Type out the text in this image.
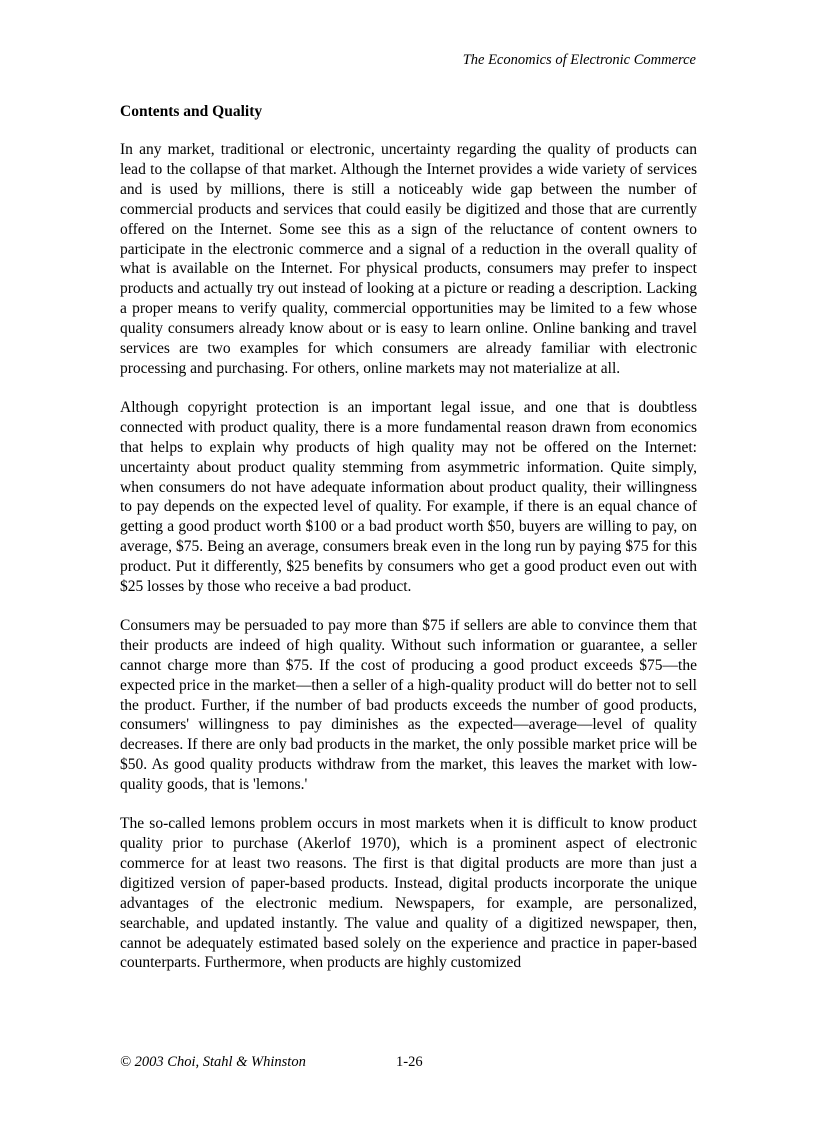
The Economics of Electronic Commerce
Contents and Quality

In any market, traditional or electronic, uncertainty regarding the quality of products can lead to the collapse of that market. Although the Internet provides a wide variety of services and is used by millions, there is still a noticeably wide gap between the number of commercial products and services that could easily be digitized and those that are currently offered on the Internet. Some see this as a sign of the reluctance of content owners to participate in the electronic commerce and a signal of a reduction in the overall quality of what is available on the Internet. For physical products, consumers may prefer to inspect products and actually try out instead of looking at a picture or reading a description. Lacking a proper means to verify quality, commercial opportunities may be limited to a few whose quality consumers already know about or is easy to learn online. Online banking and travel services are two examples for which consumers are already familiar with electronic processing and purchasing. For others, online markets may not materialize at all.

Although copyright protection is an important legal issue, and one that is doubtless connected with product quality, there is a more fundamental reason drawn from economics that helps to explain why products of high quality may not be offered on the Internet: uncertainty about product quality stemming from asymmetric information. Quite simply, when consumers do not have adequate information about product quality, their willingness to pay depends on the expected level of quality. For example, if there is an equal chance of getting a good product worth $100 or a bad product worth $50, buyers are willing to pay, on average, $75. Being an average, consumers break even in the long run by paying $75 for this product. Put it differently, $25 benefits by consumers who get a good product even out with $25 losses by those who receive a bad product.

Consumers may be persuaded to pay more than $75 if sellers are able to convince them that their products are indeed of high quality. Without such information or guarantee, a seller cannot charge more than $75. If the cost of producing a good product exceeds $75—the expected price in the market—then a seller of a high-quality product will do better not to sell the product. Further, if the number of bad products exceeds the number of good products, consumers' willingness to pay diminishes as the expected—average—level of quality decreases. If there are only bad products in the market, the only possible market price will be $50. As good quality products withdraw from the market, this leaves the market with low-quality goods, that is 'lemons.'

The so-called lemons problem occurs in most markets when it is difficult to know product quality prior to purchase (Akerlof 1970), which is a prominent aspect of electronic commerce for at least two reasons. The first is that digital products are more than just a digitized version of paper-based products. Instead, digital products incorporate the unique advantages of the electronic medium. Newspapers, for example, are personalized, searchable, and updated instantly. The value and quality of a digitized newspaper, then, cannot be adequately estimated based solely on the experience and practice in paper-based counterparts. Furthermore, when products are highly customized

© 2003 Choi, Stahl & Whinston	1-26
